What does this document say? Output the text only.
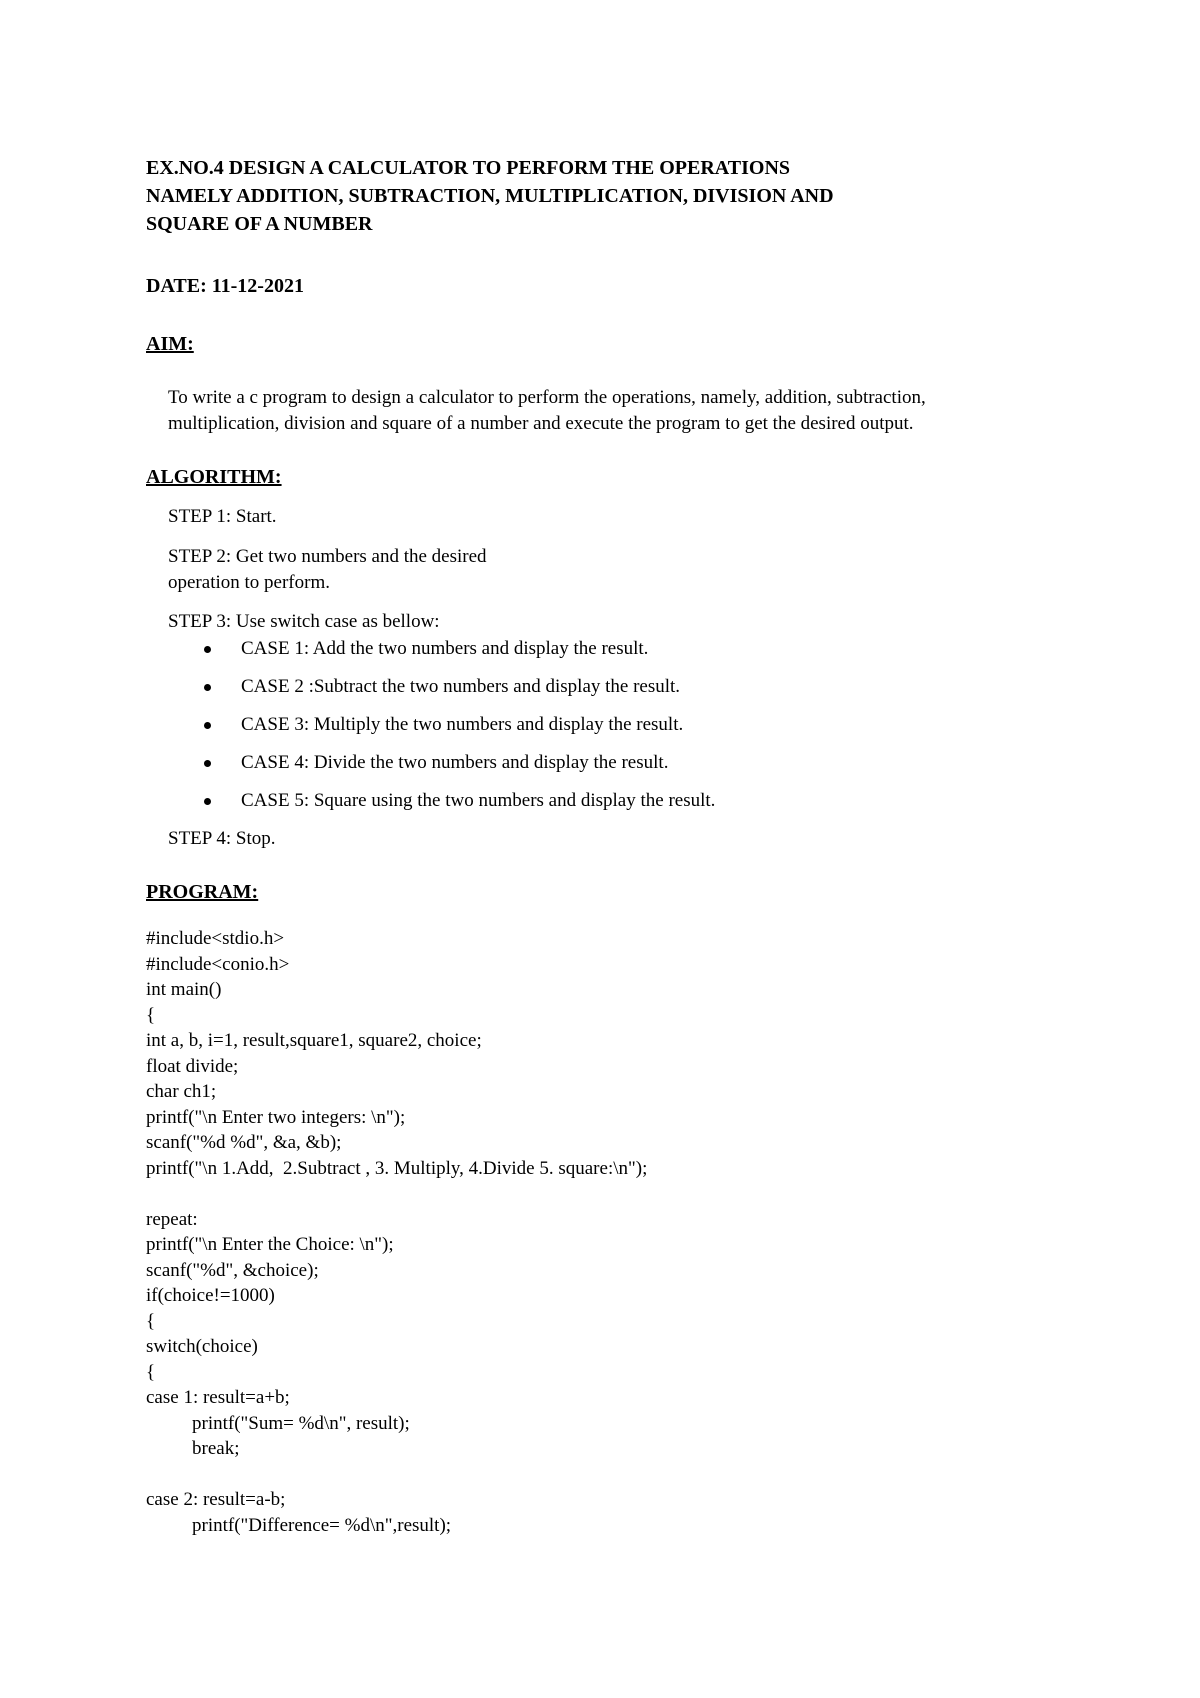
EX.NO.4 DESIGN A CALCULATOR TO PERFORM THE OPERATIONS
NAMELY ADDITION, SUBTRACTION, MULTIPLICATION, DIVISION AND
SQUARE OF A NUMBER
DATE: 11-12-2021
AIM:
To write a c program to design a calculator to perform the operations, namely, addition, subtraction,
multiplication, division and square of a number and execute the program to get the desired output.
ALGORITHM:
STEP 1: Start.
STEP 2: Get two numbers and the desired
operation to perform.
STEP 3: Use switch case as bellow:
CASE 1: Add the two numbers and display the result.
CASE 2 :Subtract the two numbers and display the result.
CASE 3: Multiply the two numbers and display the result.
CASE 4: Divide the two numbers and display the result.
CASE 5: Square using the two numbers and display the result.
STEP 4: Stop.
PROGRAM:
#include<stdio.h>
#include<conio.h>
int main()
{
int a, b, i=1, result,square1, square2, choice;
float divide;
char ch1;
printf("\n Enter two integers: \n");
scanf("%d %d", &a, &b);
printf("\n 1.Add,  2.Subtract , 3. Multiply, 4.Divide 5. square:\n");
repeat:
printf("\n Enter the Choice: \n");
scanf("%d", &choice);
if(choice!=1000)
{
switch(choice)
{
case 1: result=a+b;
printf("Sum= %d\n", result);
break;
case 2: result=a-b;
printf("Difference= %d\n",result);
